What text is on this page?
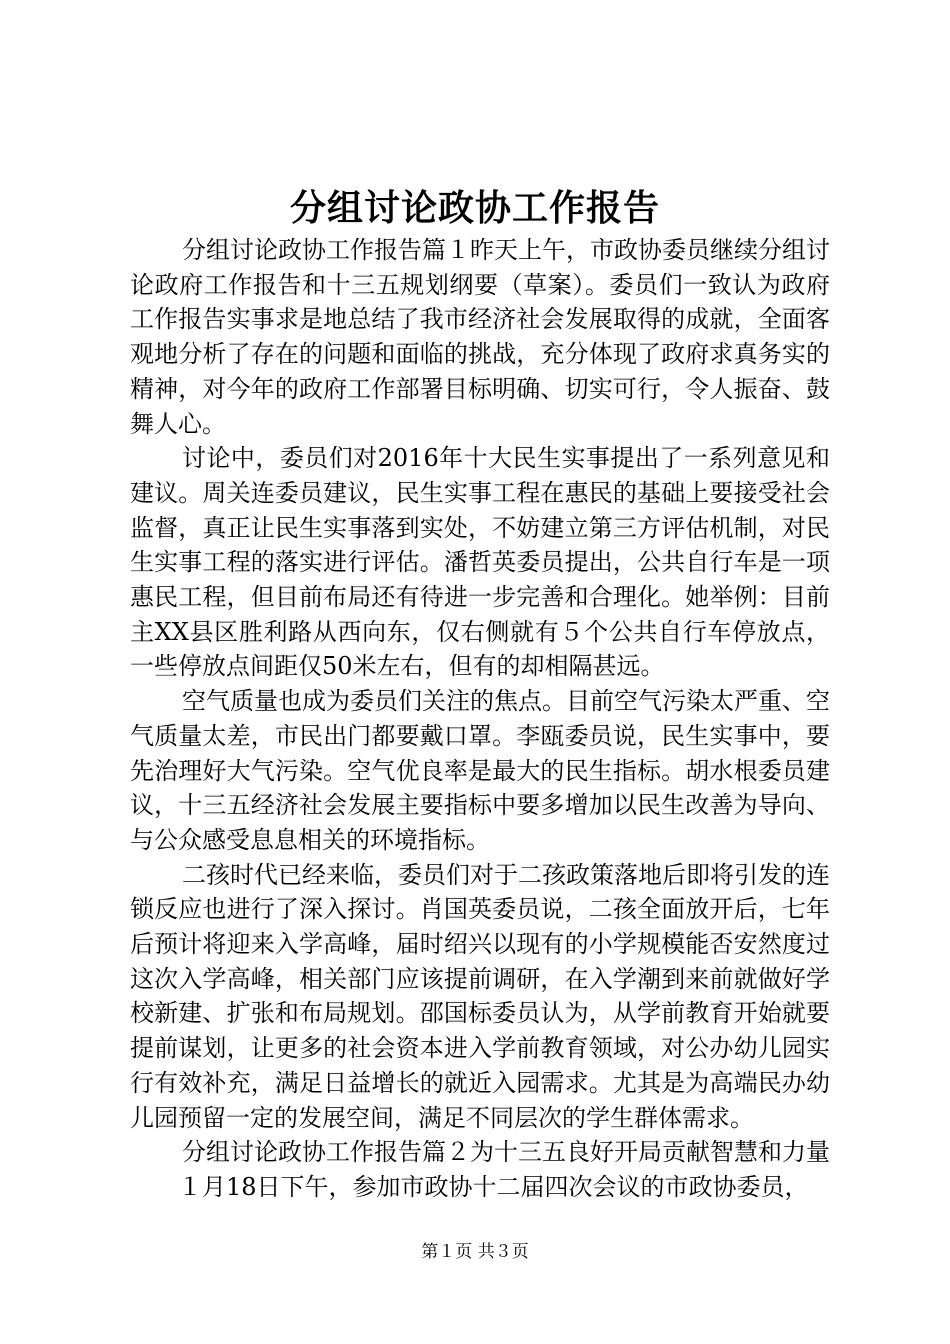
分组讨论政协工作报告

分组讨论政协工作报告篇１昨天上午，市政协委员继续分组讨论政府工作报告和十三五规划纲要（草案）。委员们一致认为政府工作报告实事求是地总结了我市经济社会发展取得的成就，全面客观地分析了存在的问题和面临的挑战，充分体现了政府求真务实的精神，对今年的政府工作部署目标明确、切实可行，令人振奋、鼓舞人心。

讨论中，委员们对2016年十大民生实事提出了一系列意见和建议。周关连委员建议，民生实事工程在惠民的基础上要接受社会监督，真正让民生实事落到实处，不妨建立第三方评估机制，对民生实事工程的落实进行评估。潘哲英委员提出，公共自行车是一项惠民工程，但目前布局还有待进一步完善和合理化。她举例：目前主XX县区胜利路从西向东，仅右侧就有５个公共自行车停放点，一些停放点间距仅50米左右，但有的却相隔甚远。

空气质量也成为委员们关注的焦点。目前空气污染太严重、空气质量太差，市民出门都要戴口罩。李瓯委员说，民生实事中，要先治理好大气污染。空气优良率是最大的民生指标。胡水根委员建议，十三五经济社会发展主要指标中要多增加以民生改善为导向、与公众感受息息相关的环境指标。

二孩时代已经来临，委员们对于二孩政策落地后即将引发的连锁反应也进行了深入探讨。肖国英委员说，二孩全面放开后，七年后预计将迎来入学高峰，届时绍兴以现有的小学规模能否安然度过这次入学高峰，相关部门应该提前调研，在入学潮到来前就做好学校新建、扩张和布局规划。邵国标委员认为，从学前教育开始就要提前谋划，让更多的社会资本进入学前教育领域，对公办幼儿园实行有效补充，满足日益增长的就近入园需求。尤其是为高端民办幼儿园预留一定的发展空间，满足不同层次的学生群体需求。

分组讨论政协工作报告篇２为十三五良好开局贡献智慧和力量

１月18日下午，参加市政协十二届四次会议的市政协委员，

第１页 共３页
